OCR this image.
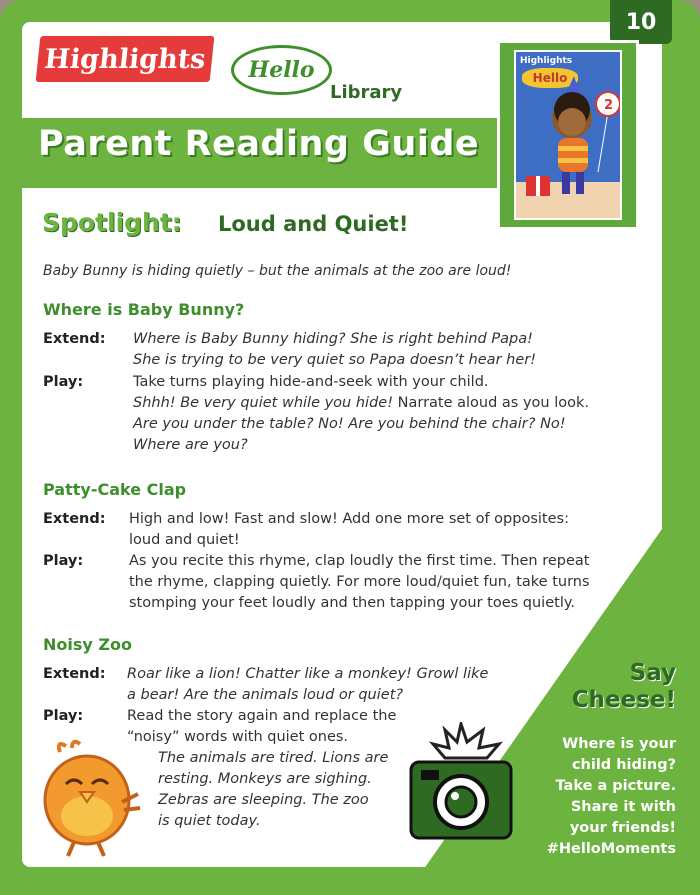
10
Highlights	Hello
Library
Parent Reading Guide
Highlights
Hello
2
Spotlight: Loud and Quiet!
Baby Bunny is hiding quietly – but the animals at the zoo are loud!
Where is Baby Bunny?
Extend: Where is Baby Bunny hiding? She is right behind Papa!
She is trying to be very quiet so Papa doesn’t hear her!
Play:	Take turns playing hide-and-seek with your child.
Shhh! Be very quiet while you hide! Narrate aloud as you look.
Are you under the table? No! Are you behind the chair? No!
Where are you?
Patty-Cake Clap
Extend: High and low! Fast and slow! Add one more set of opposites:
loud and quiet!
Play:	As you recite this rhyme, clap loudly the first time. Then repeat
the rhyme, clapping quietly. For more loud/quiet fun, take turns
stomping your feet loudly and then tapping your toes quietly.
Noisy Zoo
Extend: Roar like a lion! Chatter like a monkey! Growl like
a bear! Are the animals loud or quiet?
Play:	Read the story again and replace the
“noisy” words with quiet ones.
The animals are tired. Lions are
resting. Monkeys are sighing.
Zebras are sleeping. The zoo
is quiet today.
Say
Cheese!
Where is your
child hiding?
Take a picture.
Share it with
your friends!
#HelloMoments
